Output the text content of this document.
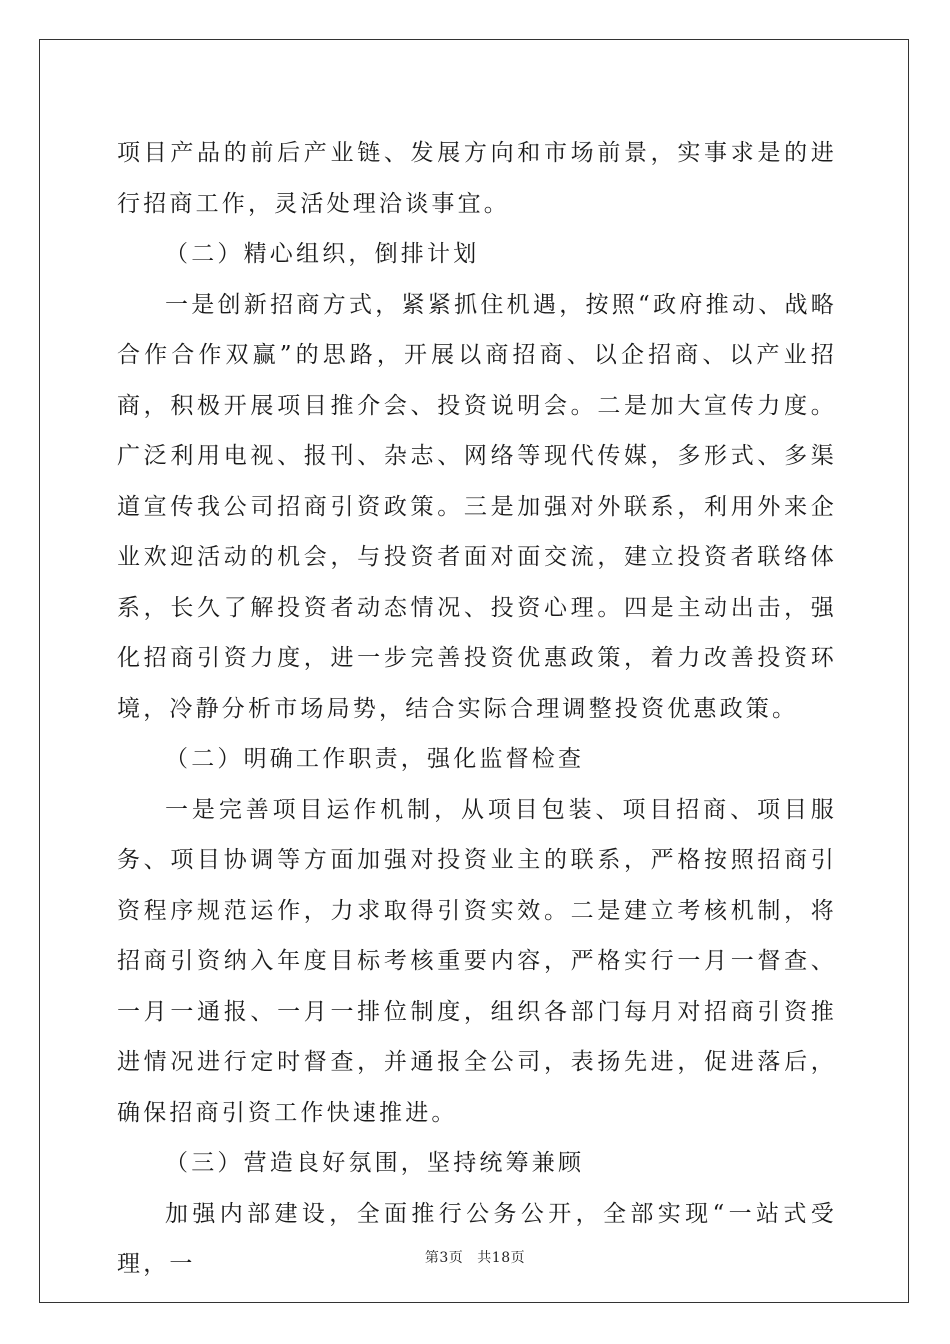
项目产品的前后产业链、发展方向和市场前景，实事求是的进行招商工作，灵活处理洽谈事宜。

（二）精心组织，倒排计划

一是创新招商方式，紧紧抓住机遇，按照“政府推动、战略合作合作双赢”的思路，开展以商招商、以企招商、以产业招商，积极开展项目推介会、投资说明会。二是加大宣传力度。广泛利用电视、报刊、杂志、网络等现代传媒，多形式、多渠道宣传我公司招商引资政策。三是加强对外联系，利用外来企业欢迎活动的机会，与投资者面对面交流，建立投资者联络体系，长久了解投资者动态情况、投资心理。四是主动出击，强化招商引资力度，进一步完善投资优惠政策，着力改善投资环境，冷静分析市场局势，结合实际合理调整投资优惠政策。

（二）明确工作职责，强化监督检查

一是完善项目运作机制，从项目包装、项目招商、项目服务、项目协调等方面加强对投资业主的联系，严格按照招商引资程序规范运作，力求取得引资实效。二是建立考核机制，将招商引资纳入年度目标考核重要内容，严格实行一月一督查、一月一通报、一月一排位制度，组织各部门每月对招商引资推进情况进行定时督查，并通报全公司，表扬先进，促进落后，确保招商引资工作快速推进。

（三）营造良好氛围，坚持统筹兼顾

加强内部建设，全面推行公务公开，全部实现“一站式受理，一	第3页 共18页
